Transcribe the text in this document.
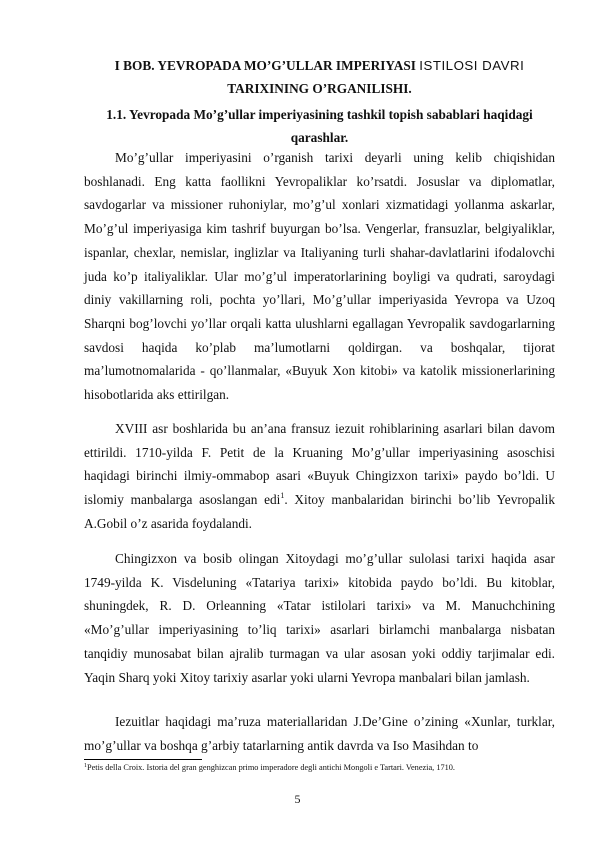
I BOB. YEVROPADA MO’G’ULLAR IMPERIYASI ISTILOSI DAVRI

TARIXINING O’RGANILISHI.

1.1. Yevropada Mo’g’ullar imperiyasining tashkil topish sabablari haqidagi

qarashlar.

Mo’g’ullar imperiyasini o’rganish tarixi deyarli uning kelib chiqishidan boshlanadi. Eng katta faollikni Yevropaliklar ko’rsatdi. Josuslar va diplomatlar, savdogarlar va missioner ruhoniylar, mo’g’ul xonlari xizmatidagi yollanma askarlar, Mo’g’ul imperiyasiga kim tashrif buyurgan bo’lsa. Vengerlar, fransuzlar, belgiyaliklar, ispanlar, chexlar, nemislar, inglizlar va Italiyaning turli shahar-davlatlarini ifodalovchi juda ko’p italiyaliklar. Ular mo’g’ul imperatorlarining boyligi va qudrati, saroydagi diniy vakillarning roli, pochta yo’llari, Mo’g’ullar imperiyasida Yevropa va Uzoq Sharqni bog’lovchi yo’llar orqali katta ulushlarni egallagan Yevropalik savdogarlarning savdosi haqida ko’plab ma’lumotlarni qoldirgan. va boshqalar, tijorat ma’lumotnomalarida - qo’llanmalar, «Buyuk Xon kitobi» va katolik missionerlarining hisobotlarida aks ettirilgan.

XVIII asr boshlarida bu an’ana fransuz iezuit rohiblarining asarlari bilan davom ettirildi. 1710-yilda F. Petit de la Kruaning Mo’g’ullar imperiyasining asoschisi haqidagi birinchi ilmiy-ommabop asari «Buyuk Chingizxon tarixi» paydo bo’ldi. U islomiy manbalarga asoslangan edi$^1$. Xitoy manbalaridan birinchi bo’lib Yevropalik A.Gobil o’z asarida foydalandi.

Chingizxon va bosib olingan Xitoydagi mo’g’ullar sulolasi tarixi haqida asar 1749-yilda K. Visdeluning «Tatariya tarixi» kitobida paydo bo’ldi. Bu kitoblar, shuningdek, R. D. Orleanning «Tatar istilolari tarixi» va M. Manuchchining «Mo’g’ullar imperiyasining to’liq tarixi» asarlari birlamchi manbalarga nisbatan tanqidiy munosabat bilan ajralib turmagan va ular asosan yoki oddiy tarjimalar edi. Yaqin Sharq yoki Xitoy tarixiy asarlar yoki ularni Yevropa manbalari bilan jamlash.

Iezuitlar haqidagi ma’ruza materiallaridan J.De’Gine o’zining «Xunlar, turklar, mo’g’ullar va boshqa g’arbiy tatarlarning antik davrda va Iso Masihdan to

$^1$Petis della Croix. Istoria del gran genghizcan primo imperadore degli antichi Mongoli e Tartari. Venezia, 1710.

5
